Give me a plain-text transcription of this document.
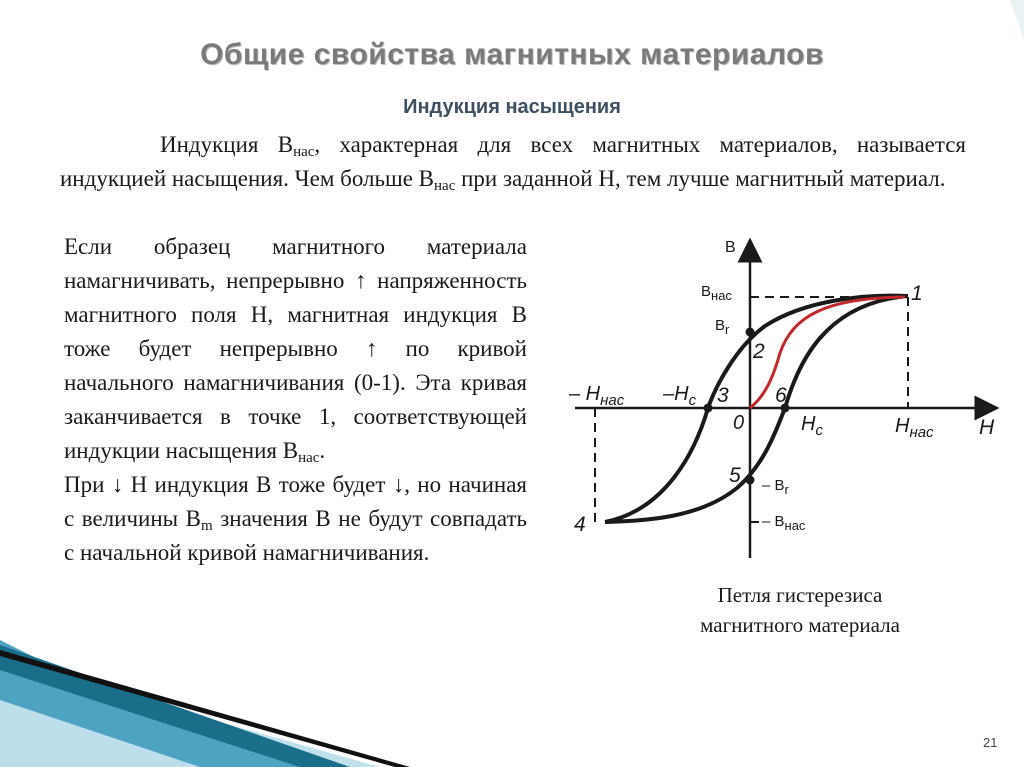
Общие свойства магнитных материалов
Индукция насыщения

Индукция $B_{нас}$, характерная для всех магнитных материалов, называется индукцией насыщения. Чем больше $B_{нас}$ при заданной H, тем лучше магнитный материал.

Если образец магнитного материала намагничивать, непрерывно ↑ напряженность магнитного поля H, магнитная индукция B тоже будет непрерывно ↑ по кривой начального намагничивания (0-1). Эта кривая заканчивается в точке 1, соответствующей индукции насыщения $B_{нас}$.

При ↓ H индукция B тоже будет ↓, но начиная с величины $B_m$ значения B не будут совпадать с начальной кривой намагничивания.

B
H
Bнас
Br
– Br
– Bнас
– $H_{нас}$ $-H_c$
$H_c$	$H_{нас}$
0
1
2
3
4
5
6
Петля гистерезиса
магнитного материала
21
